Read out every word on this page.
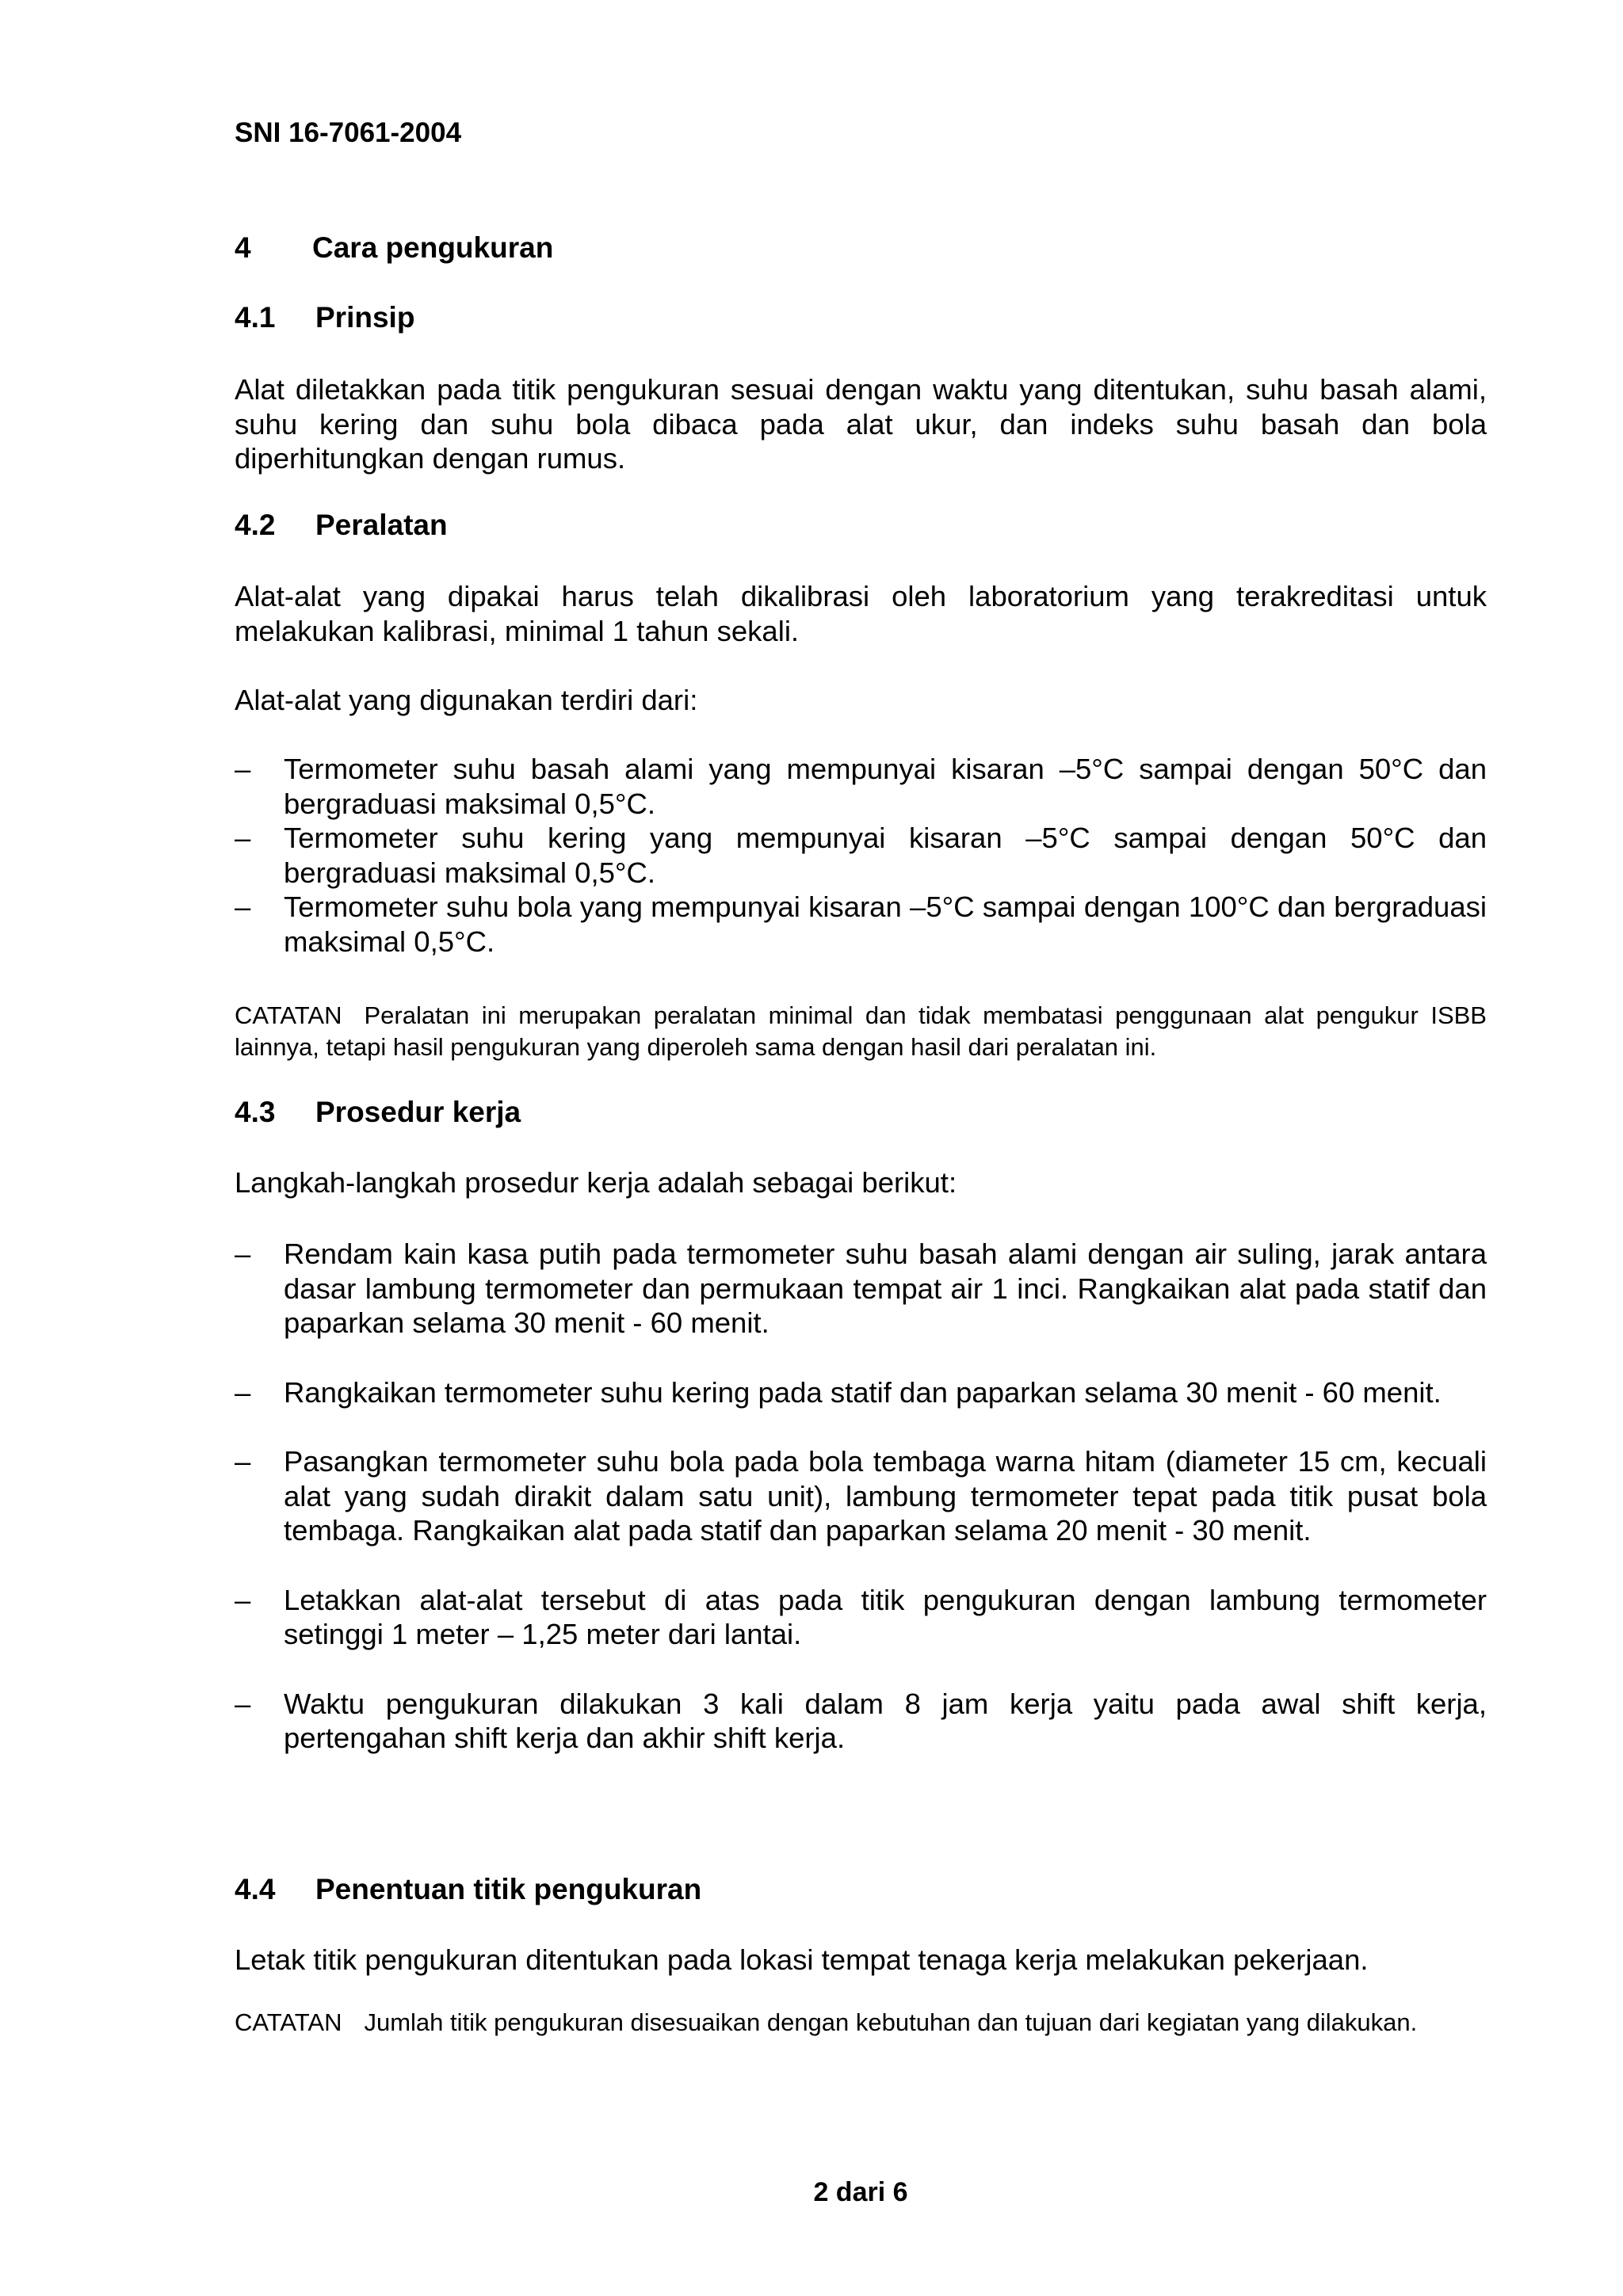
SNI 16-7061-2004

4 Cara pengukuran
4.1 Prinsip

Alat diletakkan pada titik pengukuran sesuai dengan waktu yang ditentukan, suhu basah alami, suhu kering dan suhu bola dibaca pada alat ukur, dan indeks suhu basah dan bola diperhitungkan dengan rumus.

4.2 Peralatan

Alat-alat yang dipakai harus telah dikalibrasi oleh laboratorium yang terakreditasi untuk melakukan kalibrasi, minimal 1 tahun sekali.

Alat-alat yang digunakan terdiri dari:

– Termometer suhu basah alami yang mempunyai kisaran –5°C sampai dengan 50°C dan bergraduasi maksimal 0,5°C.
– Termometer suhu kering yang mempunyai kisaran –5°C sampai dengan 50°C dan bergraduasi maksimal 0,5°C.
– Termometer suhu bola yang mempunyai kisaran –5°C sampai dengan 100°C dan bergraduasi maksimal 0,5°C.

CATATAN Peralatan ini merupakan peralatan minimal dan tidak membatasi penggunaan alat pengukur ISBB lainnya, tetapi hasil pengukuran yang diperoleh sama dengan hasil dari peralatan ini.

4.3 Prosedur kerja

Langkah-langkah prosedur kerja adalah sebagai berikut:

– Rendam kain kasa putih pada termometer suhu basah alami dengan air suling, jarak antara dasar lambung termometer dan permukaan tempat air 1 inci. Rangkaikan alat pada statif dan paparkan selama 30 menit - 60 menit.
– Rangkaikan termometer suhu kering pada statif dan paparkan selama 30 menit - 60 menit.
– Pasangkan termometer suhu bola pada bola tembaga warna hitam (diameter 15 cm, kecuali alat yang sudah dirakit dalam satu unit), lambung termometer tepat pada titik pusat bola tembaga. Rangkaikan alat pada statif dan paparkan selama 20 menit - 30 menit.
– Letakkan alat-alat tersebut di atas pada titik pengukuran dengan lambung termometer setinggi 1 meter – 1,25 meter dari lantai.
– Waktu pengukuran dilakukan 3 kali dalam 8 jam kerja yaitu pada awal shift kerja, pertengahan shift kerja dan akhir shift kerja.
4.4 Penentuan titik pengukuran

Letak titik pengukuran ditentukan pada lokasi tempat tenaga kerja melakukan pekerjaan.

CATATAN Jumlah titik pengukuran disesuaikan dengan kebutuhan dan tujuan dari kegiatan yang dilakukan.

2 dari 6
